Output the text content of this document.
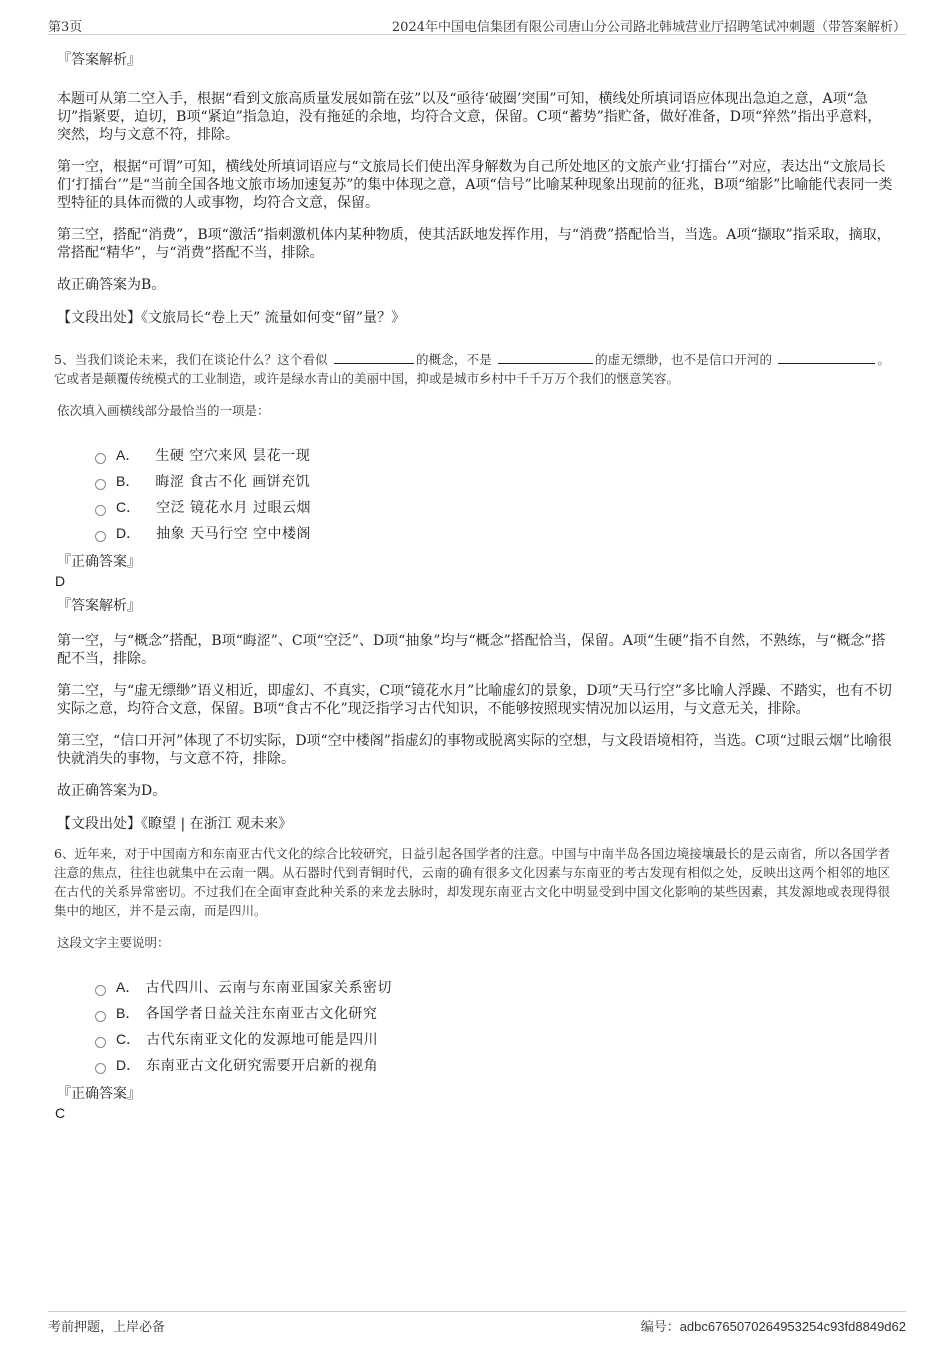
第3页	2024年中国电信集团有限公司唐山分公司路北韩城营业厅招聘笔试冲刺题（带答案解析）
『答案解析』

本题可从第二空入手，根据“看到文旅高质量发展如箭在弦”以及“亟待‘破圈’突围”可知，横线处所填词语应体现出急迫之意，A项“急切”指紧要，迫切，B项“紧迫”指急迫，没有拖延的余地，均符合文意，保留。C项“蓄势”指贮备，做好准备，D项“猝然”指出乎意料，突然，均与文意不符，排除。

第一空，根据“可谓”可知，横线处所填词语应与“文旅局长们使出浑身解数为自己所处地区的文旅产业‘打擂台’”对应，表达出“文旅局长们‘打擂台’”是“当前全国各地文旅市场加速复苏”的集中体现之意，A项“信号”比喻某种现象出现前的征兆，B项“缩影”比喻能代表同一类型特征的具体而微的人或事物，均符合文意，保留。

第三空，搭配“消费”，B项“激活”指刺激机体内某种物质，使其活跃地发挥作用，与“消费”搭配恰当，当选。A项“撷取”指采取，摘取，常搭配“精华”，与“消费”搭配不当，排除。

故正确答案为B。

【文段出处】《文旅局长“卷上天” 流量如何变“留”量？》
5、当我们谈论未来，我们在谈论什么？这个看似	的概念，不是	的虚无缥缈，也不是信口开河的	。它或者是颠覆传统模式的工业制造，或许是绿水青山的美丽中国，抑或是城市乡村中千千万万个我们的惬意笑容。
依次填入画横线部分最恰当的一项是：
A． 生硬 空穴来风 昙花一现
B． 晦涩 食古不化 画饼充饥
C． 空泛 镜花水月 过眼云烟
D． 抽象 天马行空 空中楼阁
『正确答案』
D
『答案解析』

第一空，与“概念”搭配，B项“晦涩”、C项“空泛”、D项“抽象”均与“概念”搭配恰当，保留。A项“生硬”指不自然，不熟练，与“概念”搭配不当，排除。

第二空，与“虚无缥缈”语义相近，即虚幻、不真实，C项“镜花水月”比喻虚幻的景象，D项“天马行空”多比喻人浮躁、不踏实，也有不切实际之意，均符合文意，保留。B项“食古不化”现泛指学习古代知识，不能够按照现实情况加以运用，与文意无关，排除。

第三空，“信口开河”体现了不切实际，D项“空中楼阁”指虚幻的事物或脱离实际的空想，与文段语境相符，当选。C项“过眼云烟”比喻很快就消失的事物，与文意不符，排除。

故正确答案为D。

【文段出处】《瞭望 | 在浙江 观未来》
6、近年来，对于中国南方和东南亚古代文化的综合比较研究，日益引起各国学者的注意。中国与中南半岛各国边境接壤最长的是云南省，所以各国学者注意的焦点，往往也就集中在云南一隅。从石器时代到青铜时代，云南的确有很多文化因素与东南亚的考古发现有相似之处，反映出这两个相邻的地区在古代的关系异常密切。不过我们在全面审查此种关系的来龙去脉时，却发现东南亚古文化中明显受到中国文化影响的某些因素，其发源地或表现得很集中的地区，并不是云南，而是四川。
这段文字主要说明：
A． 古代四川、云南与东南亚国家关系密切
B． 各国学者日益关注东南亚古文化研究
C． 古代东南亚文化的发源地可能是四川
D． 东南亚古文化研究需要开启新的视角
『正确答案』
C
考前押题，上岸必备	编号：adbc6765070264953254c93fd8849d62
